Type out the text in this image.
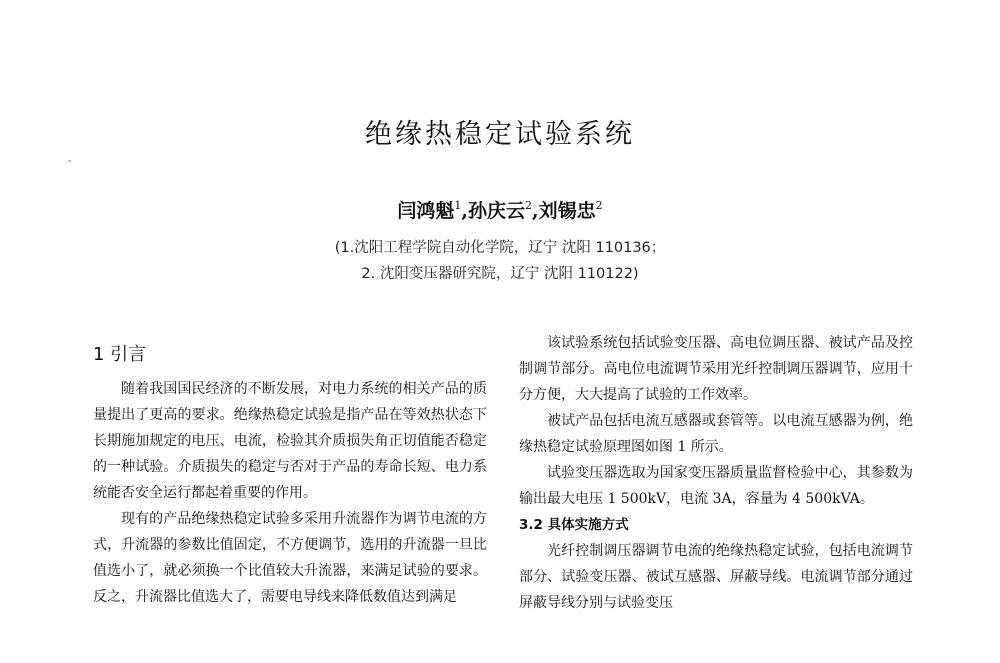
绝缘热稳定试验系统
闫鸿魁$^1$,孙庆云$^2$,刘锡忠$^2$
(1.沈阳工程学院自动化学院，辽宁 沈阳 110136；
2. 沈阳变压器研究院，辽宁 沈阳 110122)
1 引言

随着我国国民经济的不断发展，对电力系统的相关产品的质量提出了更高的要求。绝缘热稳定试验是指产品在等效热状态下长期施加规定的电压、电流，检验其介质损失角正切值能否稳定的一种试验。介质损失的稳定与否对于产品的寿命长短、电力系统能否安全运行都起着重要的作用。

现有的产品绝缘热稳定试验多采用升流器作为调节电流的方式，升流器的参数比值固定，不方便调节，选用的升流器一旦比值选小了，就必须换一个比值较大升流器，来满足试验的要求。反之，升流器比值选大了，需要电导线来降低数值达到满足

该试验系统包括试验变压器、高电位调压器、被试产品及控制调节部分。高电位电流调节采用光纤控制调压器调节，应用十分方便，大大提高了试验的工作效率。

被试产品包括电流互感器或套管等。以电流互感器为例，绝缘热稳定试验原理图如图 1 所示。

试验变压器选取为国家变压器质量监督检验中心，其参数为输出最大电压 1 500kV，电流 3A，容量为 4 500kVA。

3.2 具体实施方式

光纤控制调压器调节电流的绝缘热稳定试验，包括电流调节部分、试验变压器、被试互感器、屏蔽导线。电流调节部分通过屏蔽导线分别与试验变压
